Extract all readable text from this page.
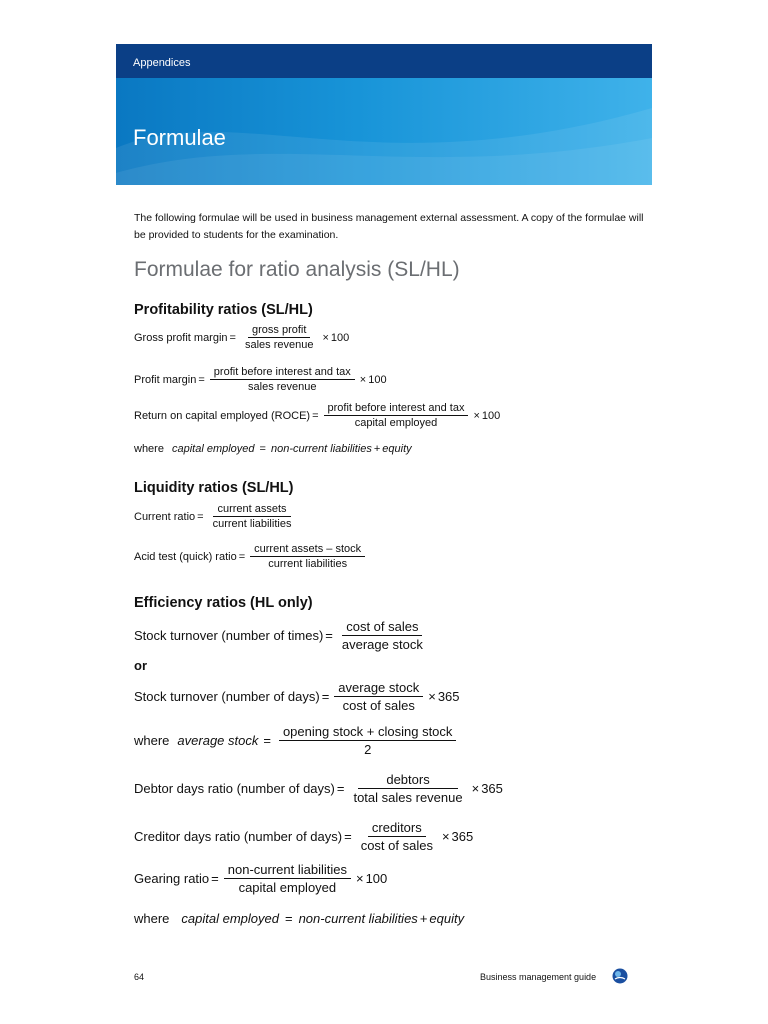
Appendices
Formulae
The following formulae will be used in business management external assessment. A copy of the formulae will be provided to students for the examination.
Formulae for ratio analysis (SL/HL)
Profitability ratios (SL/HL)
Gross profit margin = $\frac{\text{gross profit}}{\text{sales revenue}} \times 100$
Profit margin = $\frac{\text{profit before interest and tax}}{\text{sales revenue}} \times 100$
Return on capital employed (ROCE) = $\frac{\text{profit before interest and tax}}{\text{capital employed}} \times 100$
where capital employed = non-current liabilities + equity
Liquidity ratios (SL/HL)
Current ratio = $\frac{\text{current assets}}{\text{current liabilities}}$
Acid test (quick) ratio = $\frac{\text{current assets – stock}}{\text{current liabilities}}$
Efficiency ratios (HL only)
Stock turnover (number of times) = $\frac{\text{cost of sales}}{\text{average stock}}$
or
Stock turnover (number of days) = $\frac{\text{average stock}}{\text{cost of sales}} \times 365$
where average stock = $\frac{\text{opening stock + closing stock}}{2}$
Debtor days ratio (number of days) = $\frac{\text{debtors}}{\text{total sales revenue}} \times 365$
Creditor days ratio (number of days) = $\frac{\text{creditors}}{\text{cost of sales}} \times 365$
Gearing ratio = $\frac{\text{non-current liabilities}}{\text{capital employed}} \times 100$
where capital employed = non-current liabilities + equity
64	Business management guide
